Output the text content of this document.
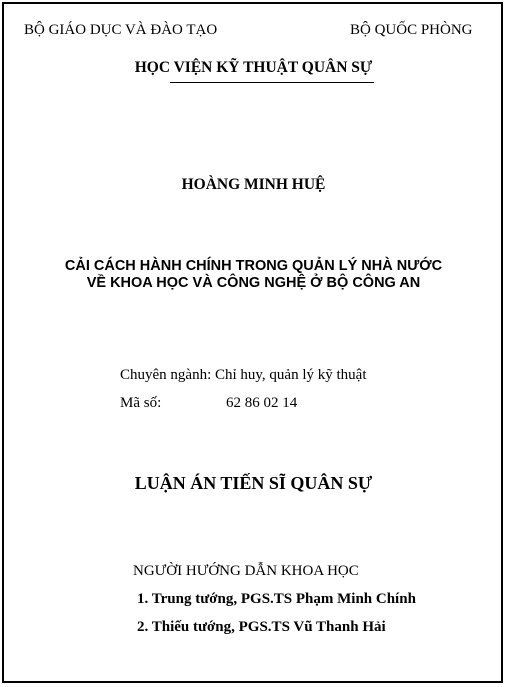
BỘ GIÁO DỤC VÀ ĐÀO TẠO	BỘ QUỐC PHÒNG
HỌC VIỆN KỸ THUẬT QUÂN SỰ
HOÀNG MINH HUỆ
CẢI CÁCH HÀNH CHÍNH TRONG QUẢN LÝ NHÀ NƯỚC
VỀ KHOA HỌC VÀ CÔNG NGHỆ Ở BỘ CÔNG AN
Chuyên ngành: Chỉ huy, quản lý kỹ thuật
Mã số:	62 86 02 14
LUẬN ÁN TIẾN SĨ QUÂN SỰ
NGƯỜI HƯỚNG DẪN KHOA HỌC
1. Trung tướng, PGS.TS Phạm Minh Chính
2. Thiếu tướng, PGS.TS Vũ Thanh Hải
